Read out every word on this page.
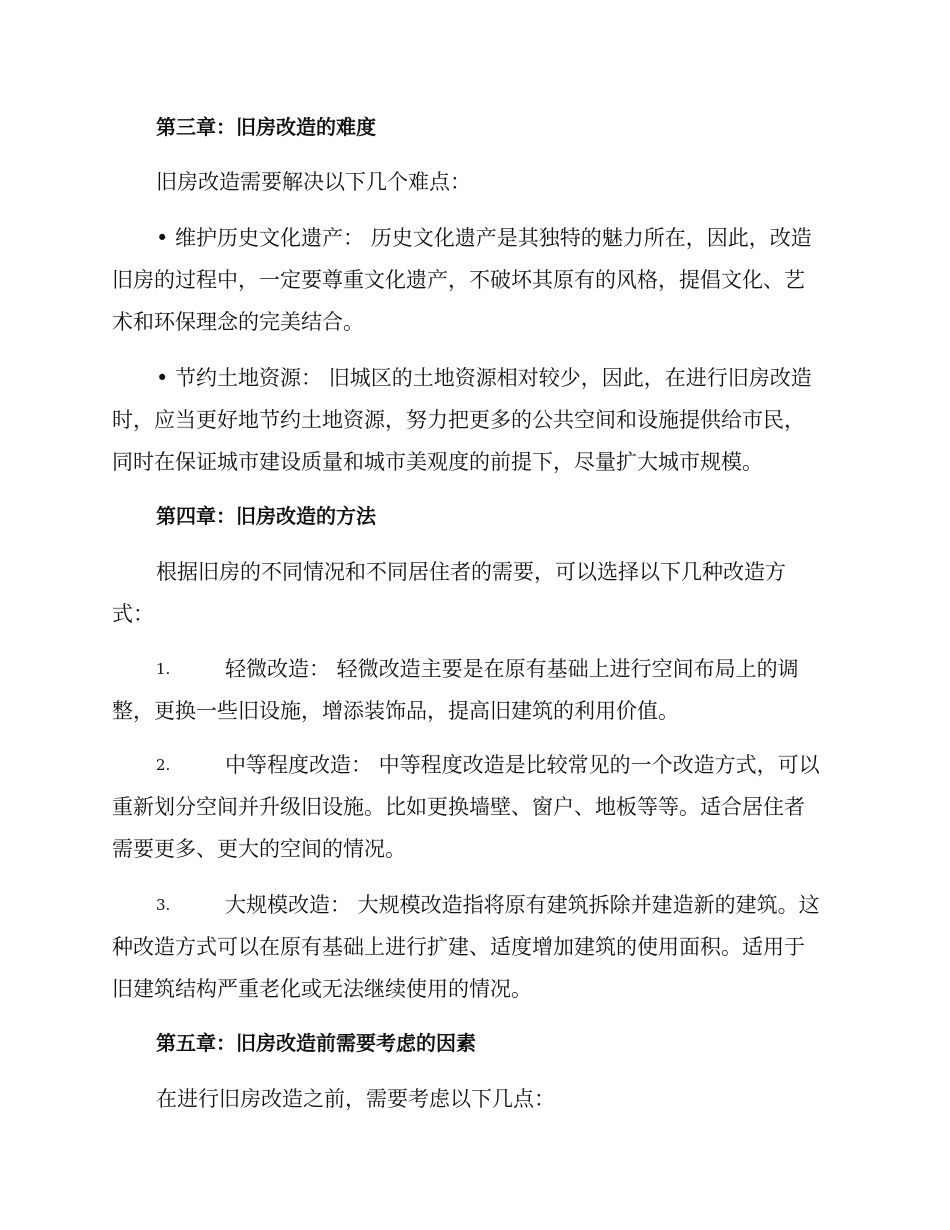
第三章：旧房改造的难度
旧房改造需要解决以下几个难点：
• 维护历史文化遗产： 历史文化遗产是其独特的魅力所在，因此，改造
旧房的过程中，一定要尊重文化遗产，不破坏其原有的风格，提倡文化、艺
术和环保理念的完美结合。
• 节约土地资源： 旧城区的土地资源相对较少，因此，在进行旧房改造
时，应当更好地节约土地资源，努力把更多的公共空间和设施提供给市民，
同时在保证城市建设质量和城市美观度的前提下，尽量扩大城市规模。
第四章：旧房改造的方法
根据旧房的不同情况和不同居住者的需要，可以选择以下几种改造方
式：
1.	轻微改造： 轻微改造主要是在原有基础上进行空间布局上的调
整，更换一些旧设施，增添装饰品，提高旧建筑的利用价值。
2.	中等程度改造： 中等程度改造是比较常见的一个改造方式，可以
重新划分空间并升级旧设施。比如更换墙壁、窗户、地板等等。适合居住者
需要更多、更大的空间的情况。
3.	大规模改造： 大规模改造指将原有建筑拆除并建造新的建筑。这
种改造方式可以在原有基础上进行扩建、适度增加建筑的使用面积。适用于
旧建筑结构严重老化或无法继续使用的情况。
第五章：旧房改造前需要考虑的因素
在进行旧房改造之前，需要考虑以下几点：
